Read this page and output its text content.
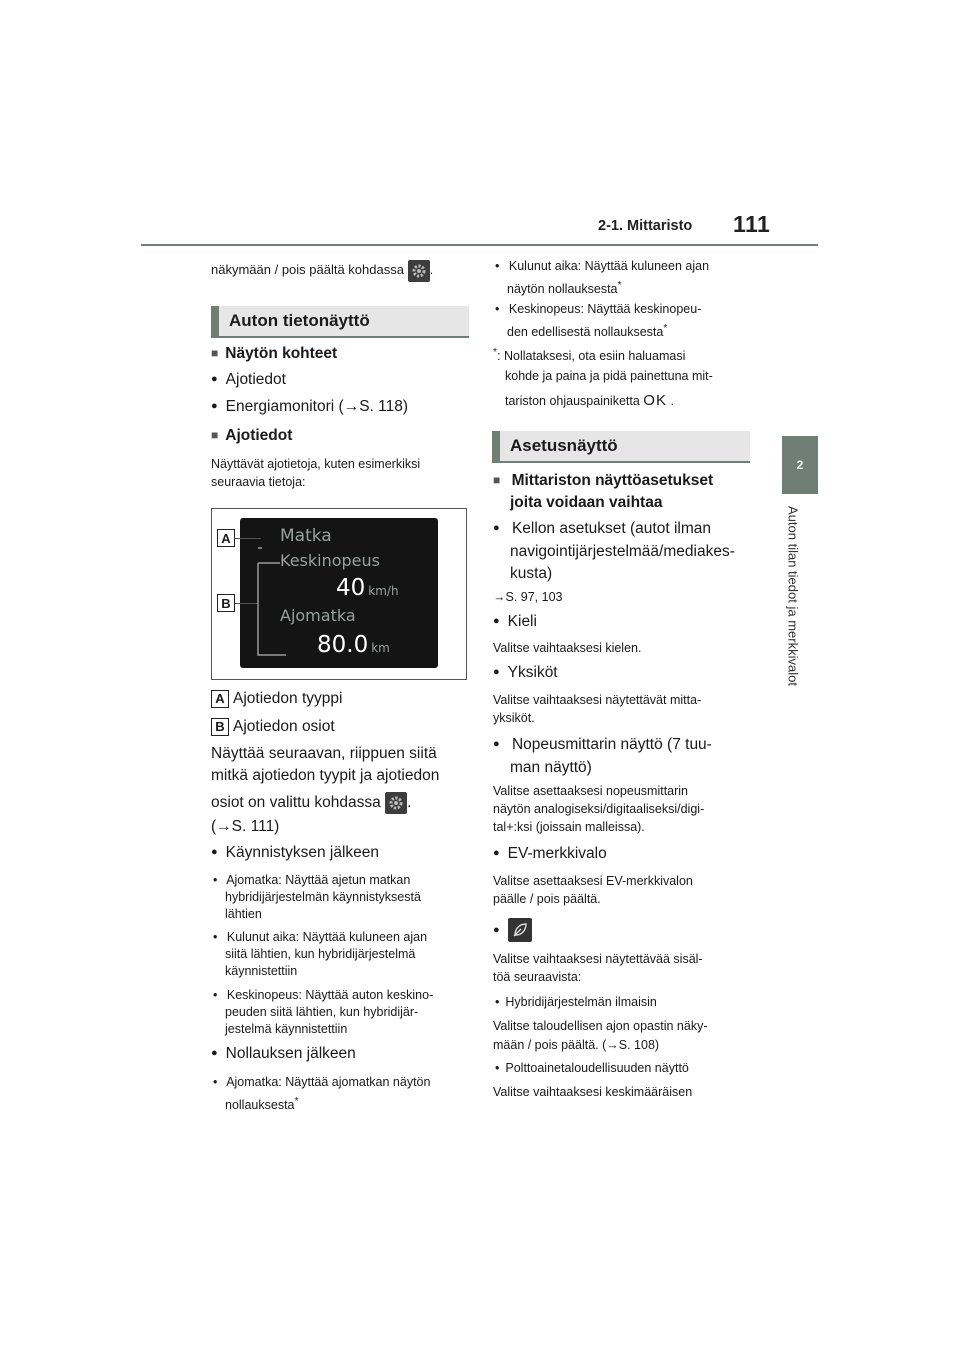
2-1. Mittaristo 111
2
Auton tilan tiedot ja merkkivalot
näkymään / pois päältä kohdassa .
Auton tietonäyttö
■ Näytön kohteet
● Ajotiedot
● Energiamonitori (→S. 118)
■ Ajotiedot
Näyttävät ajotietoja, kuten esimerkiksi
seuraavia tietoja:
Matka
Keskinopeus
40 km/h
Ajomatka
80.0 km
A
B
A Ajotiedon tyyppi
B Ajotiedon osiot
Näyttää seuraavan, riippuen siitä
mitkä ajotiedon tyypit ja ajotiedon
osiot on valittu kohdassa .
(→S. 111)
● Käynnistyksen jälkeen
• Ajomatka: Näyttää ajetun matkan
hybridijärjestelmän käynnistyksestä
lähtien
• Kulunut aika: Näyttää kuluneen ajan
siitä lähtien, kun hybridijärjestelmä
käynnistettiin
• Keskinopeus: Näyttää auton keskino-
peuden siitä lähtien, kun hybridijär-
jestelmä käynnistettiin
● Nollauksen jälkeen
• Ajomatka: Näyttää ajomatkan näytön
nollauksesta*
• Kulunut aika: Näyttää kuluneen ajan
näytön nollauksesta*
• Keskinopeus: Näyttää keskinopeu-
den edellisestä nollauksesta*
*: Nollataksesi, ota esiin haluamasi
kohde ja paina ja pidä painettuna mit-
tariston ohjauspainiketta OK .
Asetusnäyttö
■ Mittariston näyttöasetukset
joita voidaan vaihtaa
● Kellon asetukset (autot ilman
navigointijärjestelmää/mediakes-
kusta)
→S. 97, 103
● Kieli
Valitse vaihtaaksesi kielen.
● Yksiköt
Valitse vaihtaaksesi näytettävät mitta-
yksiköt.
● Nopeusmittarin näyttö (7 tuu-
man näyttö)
Valitse asettaaksesi nopeusmittarin
näytön analogiseksi/digitaaliseksi/digi-
tal+:ksi (joissain malleissa).
● EV-merkkivalo
Valitse asettaaksesi EV-merkkivalon
päälle / pois päältä.
●
Valitse vaihtaaksesi näytettävää sisäl-
töä seuraavista:
• Hybridijärjestelmän ilmaisin
Valitse taloudellisen ajon opastin näky-
mään / pois päältä. (→S. 108)
• Polttoainetaloudellisuuden näyttö
Valitse vaihtaaksesi keskimääräisen
